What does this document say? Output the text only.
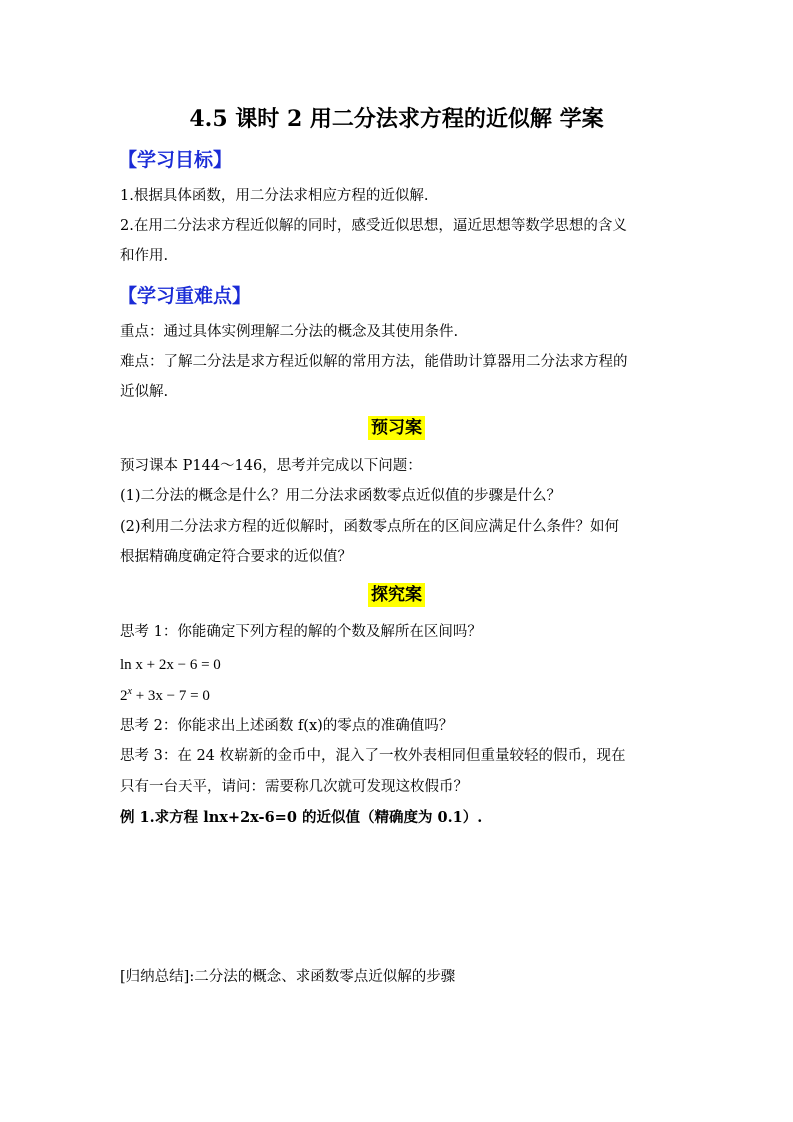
4.5 课时 2 用二分法求方程的近似解 学案
【学习目标】
1.根据具体函数，用二分法求相应方程的近似解.
2.在用二分法求方程近似解的同时，感受近似思想，逼近思想等数学思想的含义
和作用.
【学习重难点】
重点：通过具体实例理解二分法的概念及其使用条件.
难点：了解二分法是求方程近似解的常用方法，能借助计算器用二分法求方程的
近似解.
预习案
预习课本 P144～146，思考并完成以下问题：
(1)二分法的概念是什么？用二分法求函数零点近似值的步骤是什么？
(2)利用二分法求方程的近似解时，函数零点所在的区间应满足什么条件？如何
根据精确度确定符合要求的近似值？
探究案
思考 1：你能确定下列方程的解的个数及解所在区间吗？
ln x + 2x − 6 = 0
$2^x + 3x - 7 = 0$
思考 2：你能求出上述函数 f(x)的零点的准确值吗？
思考 3：在 24 枚崭新的金币中，混入了一枚外表相同但重量较轻的假币，现在
只有一台天平，请问：需要称几次就可发现这枚假币？
例 1.求方程 lnx+2x-6=0 的近似值（精确度为 0.1）.
[归纳总结]:二分法的概念、求函数零点近似解的步骤
